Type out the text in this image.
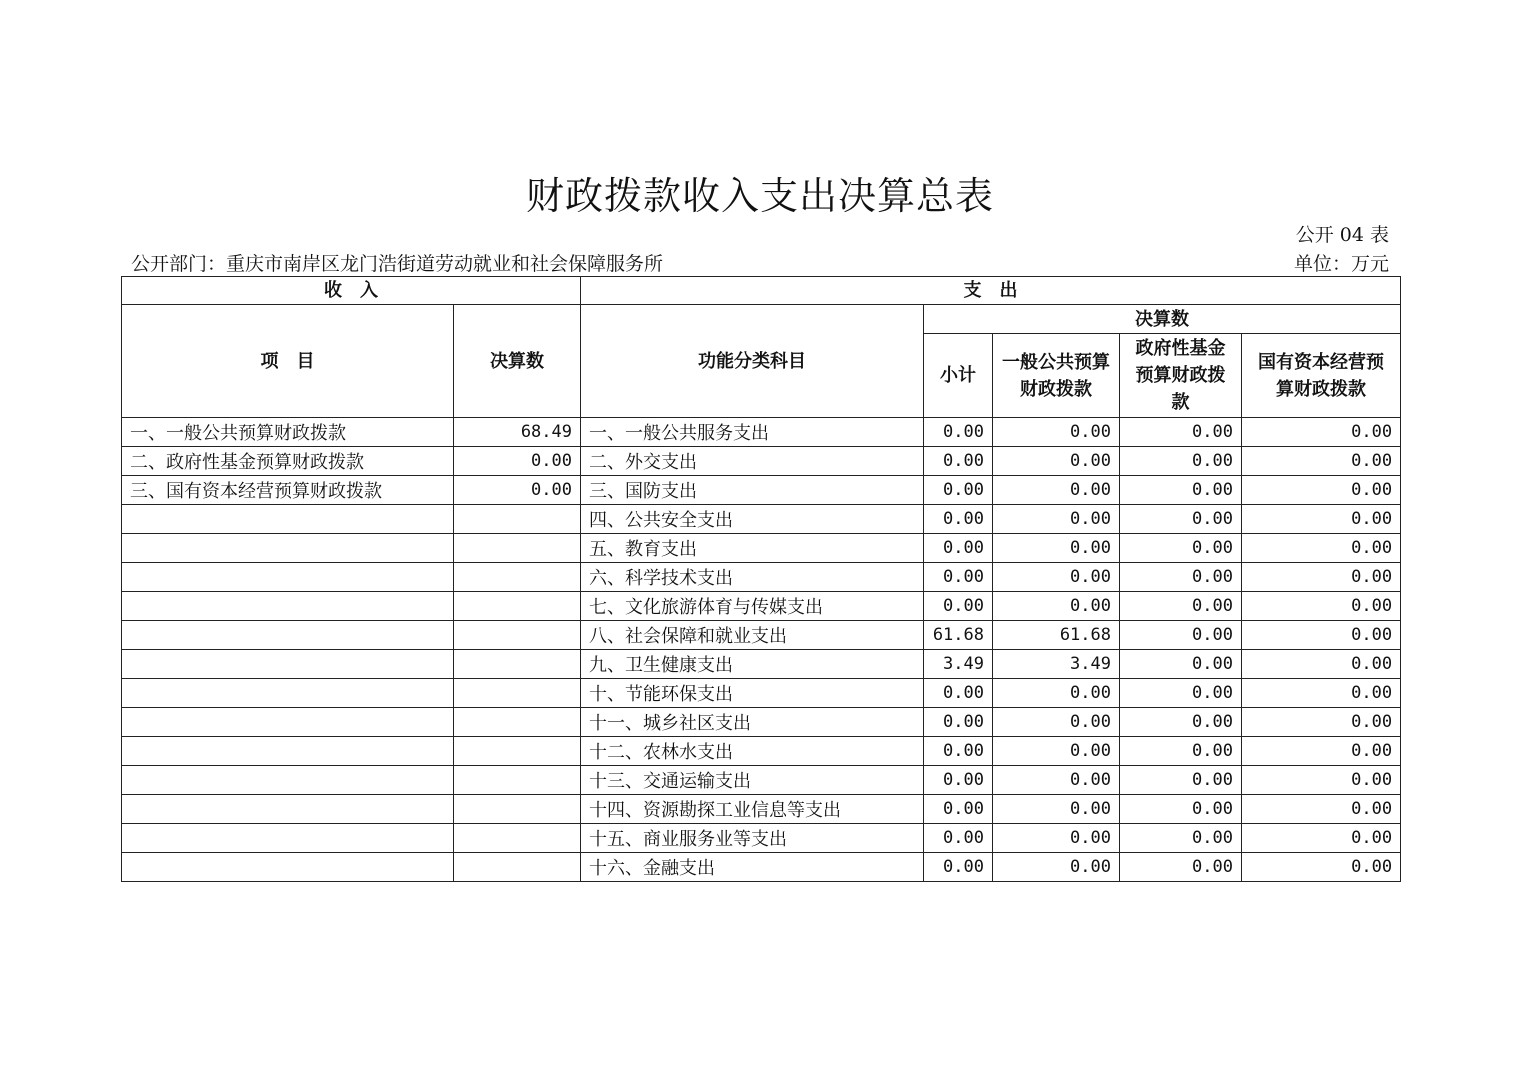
财政拨款收入支出决算总表
公开 04 表
公开部门：重庆市南岸区龙门浩街道劳动就业和社会保障服务所	单位：万元
收　入		支　出				
项　目	决算数	功能分类科目	决算数			
			小计	一般公共预算财政拨款	政府性基金预算财政拨款	国有资本经营预算财政拨款
一、一般公共预算财政拨款	68.49	一、一般公共服务支出	0.00	0.00	0.00	0.00
二、政府性基金预算财政拨款	0.00	二、外交支出	0.00	0.00	0.00	0.00
三、国有资本经营预算财政拨款	0.00	三、国防支出	0.00	0.00	0.00	0.00
		四、公共安全支出	0.00	0.00	0.00	0.00
		五、教育支出	0.00	0.00	0.00	0.00
		六、科学技术支出	0.00	0.00	0.00	0.00
		七、文化旅游体育与传媒支出	0.00	0.00	0.00	0.00
		八、社会保障和就业支出	61.68	61.68	0.00	0.00
		九、卫生健康支出	3.49	3.49	0.00	0.00
		十、节能环保支出	0.00	0.00	0.00	0.00
		十一、城乡社区支出	0.00	0.00	0.00	0.00
		十二、农林水支出	0.00	0.00	0.00	0.00
		十三、交通运输支出	0.00	0.00	0.00	0.00
		十四、资源勘探工业信息等支出	0.00	0.00	0.00	0.00
		十五、商业服务业等支出	0.00	0.00	0.00	0.00
		十六、金融支出	0.00	0.00	0.00	0.00
